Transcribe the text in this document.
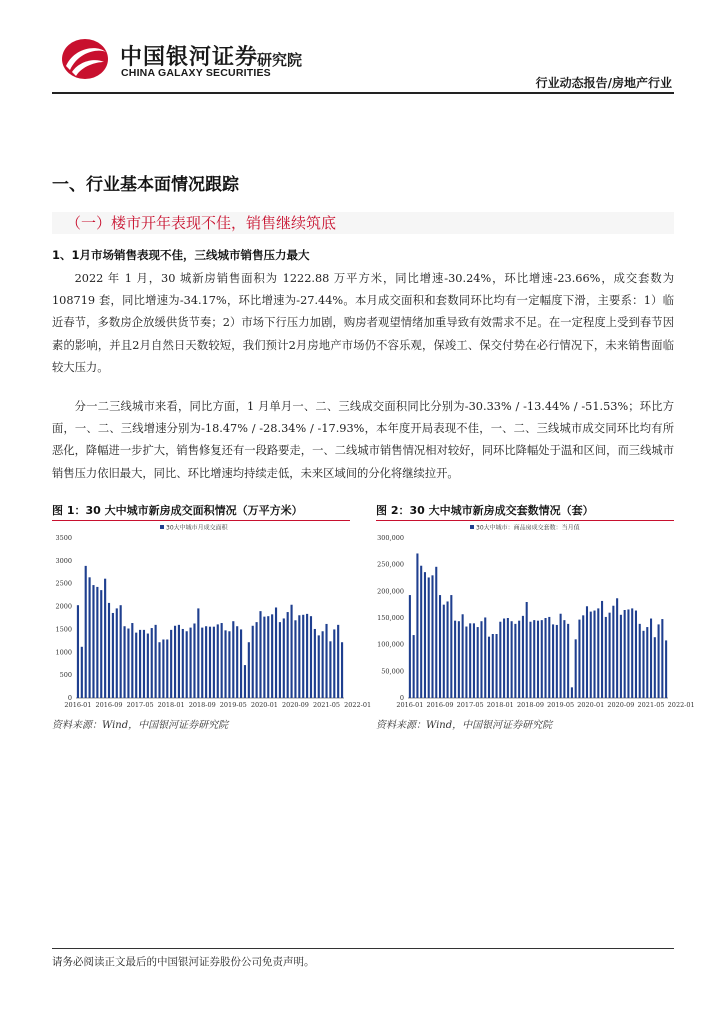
中国银河证券
CHINA GALAXY SECURITIES
研究院
行业动态报告/房地产行业
一、行业基本面情况跟踪
（一）楼市开年表现不佳，销售继续筑底
1、1月市场销售表现不佳，三线城市销售压力最大
2022 年 1 月，30 城新房销售面积为 1222.88 万平方米，同比增速-30.24%，环比增速-23.66%，成交套数为 108719 套，同比增速为-34.17%，环比增速为-27.44%。本月成交面积和套数同环比均有一定幅度下滑，主要系：1）临近春节，多数房企放缓供货节奏；2）市场下行压力加剧，购房者观望情绪加重导致有效需求不足。在一定程度上受到春节因素的影响，并且2月自然日天数较短，我们预计2月房地产市场仍不容乐观，保竣工、保交付势在必行情况下，未来销售面临较大压力。
分一二三线城市来看，同比方面，1 月单月一、二、三线成交面积同比分别为-30.33% / -13.44% / -51.53%；环比方面，一、二、三线增速分别为-18.47% / -28.34% / -17.93%，本年度开局表现不佳，一、二、三线城市成交同环比均有所恶化，降幅进一步扩大，销售修复还有一段路要走，一、二线城市销售情况相对较好，同环比降幅处于温和区间，而三线城市销售压力依旧最大，同比、环比增速均持续走低，未来区域间的分化将继续拉开。
图 1：30 大中城市新房成交面积情况（万平方米）	图 2：30 大中城市新房成交套数情况（套）
0
500
1000
1500
2000
2500
3000
3500
2016-01 2016-09 2017-05 2018-01 2018-09 2019-05 2020-01 2020-09 2021-05 2022-01
30大中城市月成交面积
0
50,000
100,000
150,000
200,000
250,000
300,000
2016-01 2016-09 2017-05 2018-01 2018-09 2019-05 2020-01 2020-09 2021-05 2022-01
30大中城市：商品房成交套数：当月值
资料来源：Wind，中国银河证券研究院	资料来源：Wind，中国银河证券研究院
请务必阅读正文最后的中国银河证券股份公司免责声明。
